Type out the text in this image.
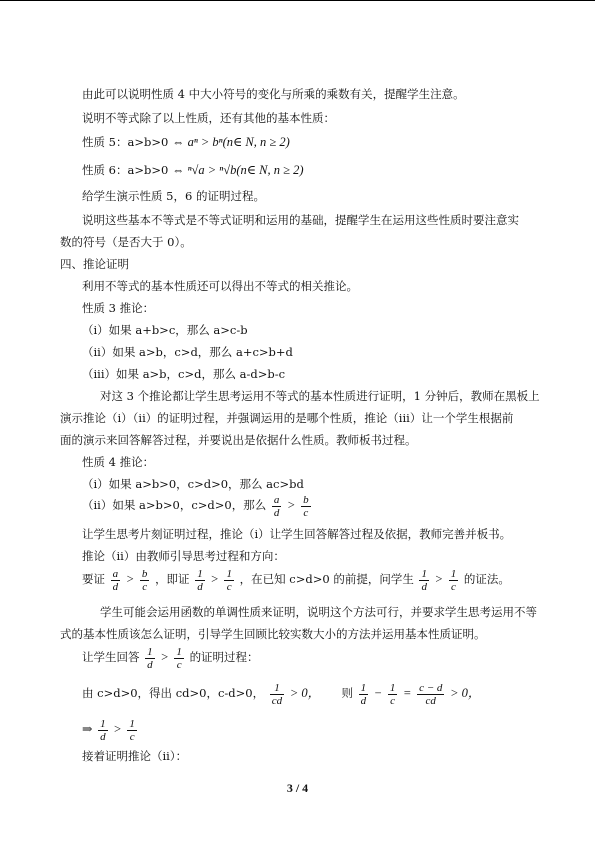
由此可以说明性质 4 中大小符号的变化与所乘的乘数有关，提醒学生注意。
说明不等式除了以上性质，还有其他的基本性质：
性质 5：a>b>0 ⇔ aⁿ > bⁿ(n∈ N, n ≥ 2)
性质 6：a>b>0 ⇔ ⁿ√a > ⁿ√b(n∈ N, n ≥ 2)
给学生演示性质 5，6 的证明过程。
说明这些基本不等式是不等式证明和运用的基础，提醒学生在运用这些性质时要注意实
数的符号（是否大于 0）。
四、推论证明
利用不等式的基本性质还可以得出不等式的相关推论。
性质 3 推论：
（i）如果 a+b>c，那么 a>c-b
（ii）如果 a>b，c>d，那么 a+c>b+d
（iii）如果 a>b，c>d，那么 a-d>b-c
对这 3 个推论都让学生思考运用不等式的基本性质进行证明，1 分钟后，教师在黑板上
演示推论（i）（ii）的证明过程，并强调运用的是哪个性质，推论（iii）让一个学生根据前
面的演示来回答解答过程，并要说出是依据什么性质。教师板书过程。
性质 4 推论：
（i）如果 a>b>0，c>d>0，那么 ac>bd
（ii）如果 a>b>0，c>d>0，那么 $\frac{a}{d} > \frac{b}{c}$
让学生思考片刻证明过程，推论（i）让学生回答解答过程及依据，教师完善并板书。
推论（ii）由教师引导思考过程和方向：
要证 $\frac{a}{d} > \frac{b}{c}$ ，即证 $\frac{1}{d} > \frac{1}{c}$ ，在已知 c>d>0 的前提，问学生 $\frac{1}{d} > \frac{1}{c}$ 的证法。
学生可能会运用函数的单调性质来证明，说明这个方法可行，并要求学生思考运用不等
式的基本性质该怎么证明，引导学生回顾比较实数大小的方法并运用基本性质证明。
让学生回答 $\frac{1}{d} > \frac{1}{c}$ 的证明过程：
由 c>d>0，得出 cd>0，c-d>0， $\frac{1}{cd} > 0$， 则 $\frac{1}{d} - \frac{1}{c} = \frac{c - d}{cd} > 0$，
⇒ $\frac{1}{d} > \frac{1}{c}$
接着证明推论（ii）：
3 / 4
